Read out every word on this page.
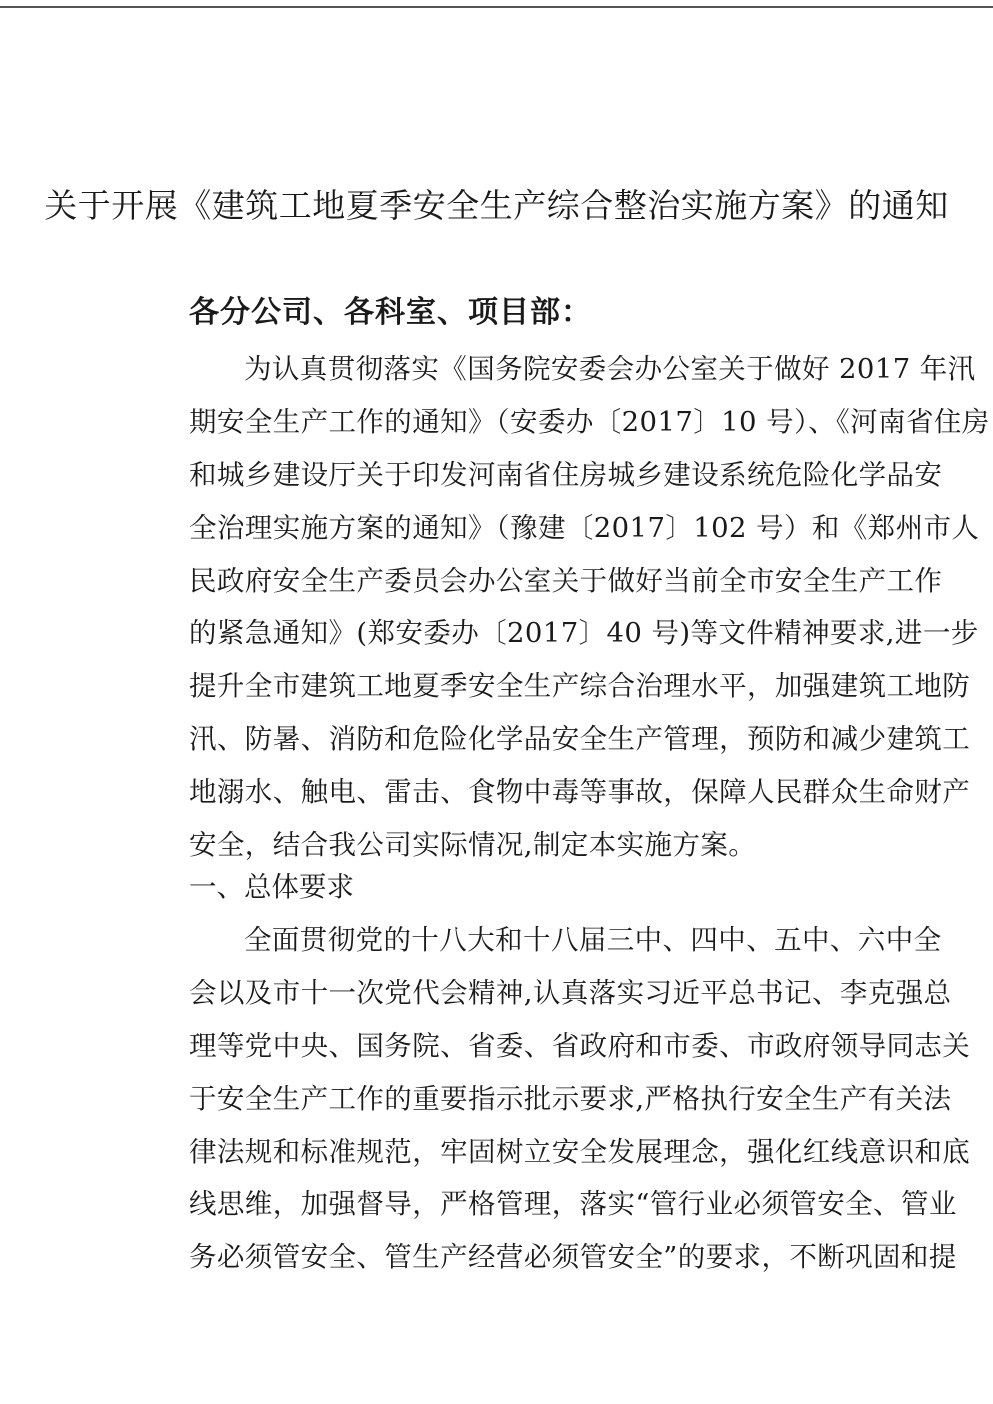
关于开展《建筑工地夏季安全生产综合整治实施方案》的通知
各分公司、各科室、项目部：
为认真贯彻落实《国务院安委会办公室关于做好 2017 年汛
期安全生产工作的通知》（安委办〔2017〕10 号）、《河南省住房
和城乡建设厅关于印发河南省住房城乡建设系统危险化学品安
全治理实施方案的通知》（豫建〔2017〕102 号）和《郑州市人
民政府安全生产委员会办公室关于做好当前全市安全生产工作
的紧急通知》(郑安委办〔2017〕40 号)等文件精神要求,进一步
提升全市建筑工地夏季安全生产综合治理水平，加强建筑工地防
汛、防暑、消防和危险化学品安全生产管理，预防和减少建筑工
地溺水、触电、雷击、食物中毒等事故，保障人民群众生命财产
安全，结合我公司实际情况,制定本实施方案。
一、总体要求
全面贯彻党的十八大和十八届三中、四中、五中、六中全
会以及市十一次党代会精神,认真落实习近平总书记、李克强总
理等党中央、国务院、省委、省政府和市委、市政府领导同志关
于安全生产工作的重要指示批示要求,严格执行安全生产有关法
律法规和标准规范，牢固树立安全发展理念，强化红线意识和底
线思维，加强督导，严格管理，落实“管行业必须管安全、管业
务必须管安全、管生产经营必须管安全”的要求，不断巩固和提
